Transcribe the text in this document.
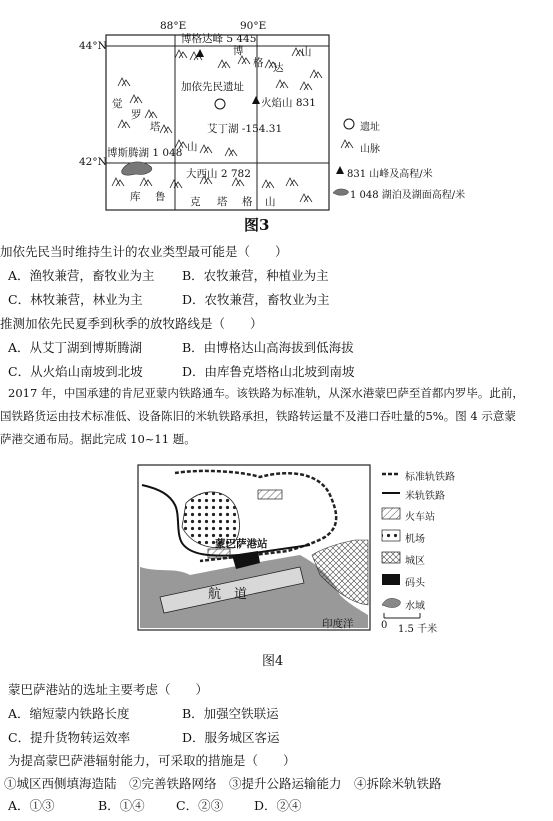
88°E	90°E
44°N
42°N
博格达峰 5 445
加依先民遗址
火焰山 831
艾丁湖 -154.31
博斯腾湖 1 048
大西山 2 782
博
格 达
山
觉
罗
塔
山
库 鲁 克 塔 格 山
遗址
山脉
831 山峰及高程/米
1 048 湖泊及湖面高程/米
图3
加依先民当时维持生计的农业类型最可能是（　　）
A．渔牧兼营，畜牧业为主 B．农牧兼营，种植业为主
C．林牧兼营，林业为主	D．农牧兼营，畜牧业为主
推测加依先民夏季到秋季的放牧路线是（　　）
A．从艾丁湖到博斯腾湖	B．由博格达山高海拔到低海拔
C．从火焰山南坡到北坡	D．由库鲁克塔格山北坡到南坡
2017 年，中国承建的肯尼亚蒙内铁路通车。该铁路为标准轨，从深水港蒙巴萨至首都内罗毕。此前，
国铁路货运由技术标准低、设备陈旧的米轨铁路承担，铁路转运量不及港口吞吐量的5%。图 4 示意蒙
萨港交通布局。据此完成 10~11 题。
蒙巴萨港站
航　道
印度洋
标准轨铁路
米轨铁路
火车站
机场
城区
码头
水域
0 1.5 千米
图4
蒙巴萨港站的选址主要考虑（　　）
A．缩短蒙内铁路长度	B．加强空铁联运
C．提升货物转运效率	D．服务城区客运
为提高蒙巴萨港辐射能力，可采取的措施是（　　）
①城区西侧填海造陆　②完善铁路网络　③提升公路运输能力　④拆除米轨铁路
A．①③	B．①④	C．②③ D．②④
